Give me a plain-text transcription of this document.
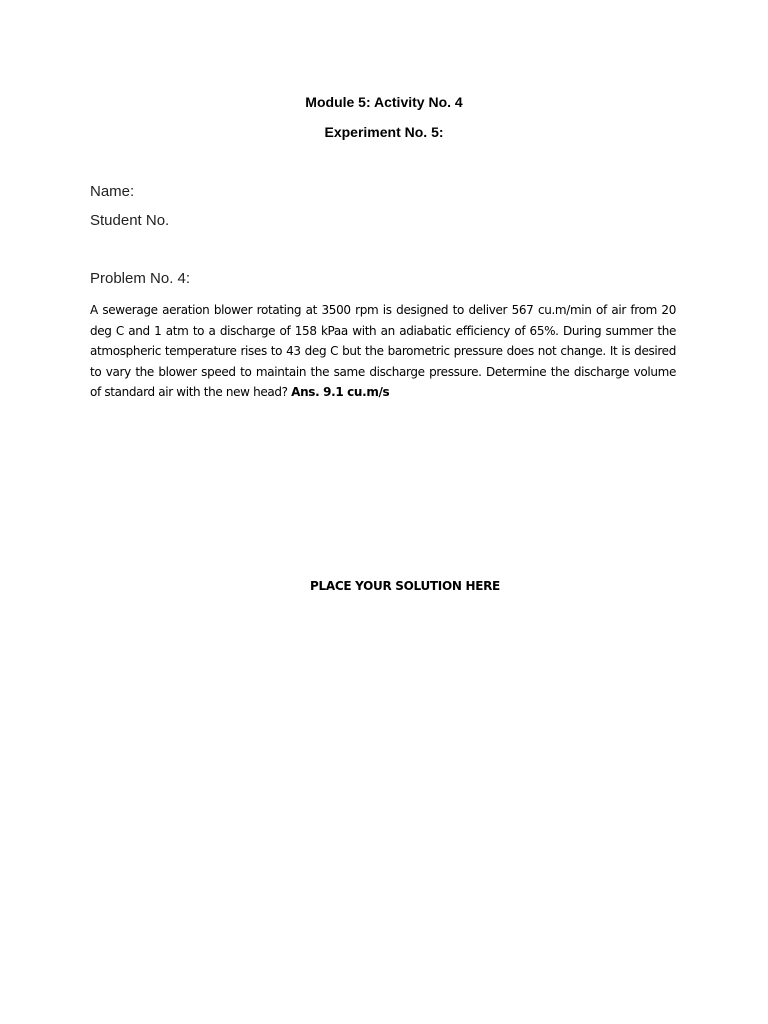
Module 5: Activity No. 4
Experiment No. 5:
Name:
Student No.
Problem No. 4:
A sewerage aeration blower rotating at 3500 rpm is designed to deliver 567 cu.m/min of air from 20 deg C and 1 atm to a discharge of 158 kPaa with an adiabatic efficiency of 65%. During summer the atmospheric temperature rises to 43 deg C but the barometric pressure does not change. It is desired to vary the blower speed to maintain the same discharge pressure. Determine the discharge volume of standard air with the new head? Ans. 9.1 cu.m/s
PLACE YOUR SOLUTION HERE
